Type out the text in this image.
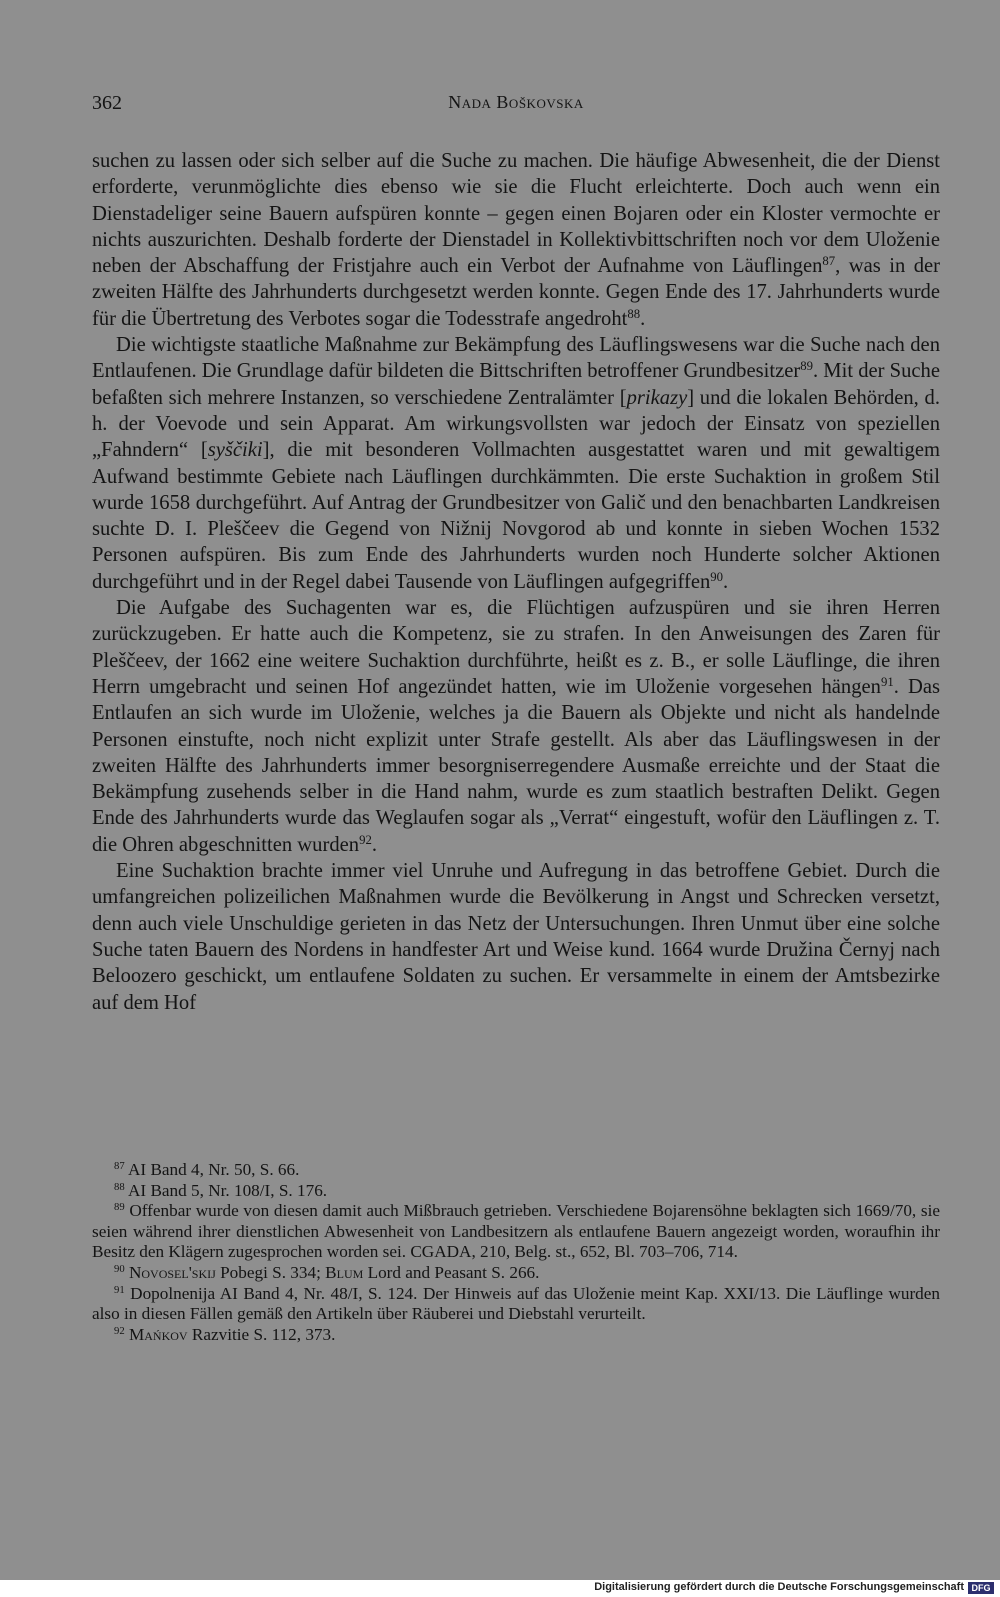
362	Nada Boškovska

suchen zu lassen oder sich selber auf die Suche zu machen. Die häufige Abwesenheit, die der Dienst erforderte, verunmöglichte dies ebenso wie sie die Flucht erleichterte. Doch auch wenn ein Dienstadeliger seine Bauern aufspüren konnte – gegen einen Bojaren oder ein Kloster vermochte er nichts auszurichten. Deshalb forderte der Dienstadel in Kollektivbittschriften noch vor dem Uloženie neben der Abschaffung der Fristjahre auch ein Verbot der Aufnahme von Läuflingen$^{87}$, was in der zweiten Hälfte des Jahrhunderts durchgesetzt werden konnte. Gegen Ende des 17. Jahrhunderts wurde für die Übertretung des Verbotes sogar die Todesstrafe angedroht$^{88}$.

Die wichtigste staatliche Maßnahme zur Bekämpfung des Läuflingswesens war die Suche nach den Entlaufenen. Die Grundlage dafür bildeten die Bittschriften betroffener Grundbesitzer$^{89}$. Mit der Suche befaßten sich mehrere Instanzen, so verschiedene Zentralämter [prikazy] und die lokalen Behörden, d. h. der Voevode und sein Apparat. Am wirkungsvollsten war jedoch der Einsatz von speziellen „Fahndern“ [syščiki], die mit besonderen Vollmachten ausgestattet waren und mit gewaltigem Aufwand bestimmte Gebiete nach Läuflingen durchkämmten. Die erste Suchaktion in großem Stil wurde 1658 durchgeführt. Auf Antrag der Grundbesitzer von Galič und den benachbarten Landkreisen suchte D. I. Pleščeev die Gegend von Nižnij Novgorod ab und konnte in sieben Wochen 1532 Personen aufspüren. Bis zum Ende des Jahrhunderts wurden noch Hunderte solcher Aktionen durchgeführt und in der Regel dabei Tausende von Läuflingen aufgegriffen$^{90}$.

Die Aufgabe des Suchagenten war es, die Flüchtigen aufzuspüren und sie ihren Herren zurückzugeben. Er hatte auch die Kompetenz, sie zu strafen. In den Anweisungen des Zaren für Pleščeev, der 1662 eine weitere Suchaktion durchführte, heißt es z. B., er solle Läuflinge, die ihren Herrn umgebracht und seinen Hof angezündet hatten, wie im Uloženie vorgesehen hängen$^{91}$. Das Entlaufen an sich wurde im Uloženie, welches ja die Bauern als Objekte und nicht als handelnde Personen einstufte, noch nicht explizit unter Strafe gestellt. Als aber das Läuflingswesen in der zweiten Hälfte des Jahrhunderts immer besorgniserregendere Ausmaße erreichte und der Staat die Bekämpfung zusehends selber in die Hand nahm, wurde es zum staatlich bestraften Delikt. Gegen Ende des Jahrhunderts wurde das Weglaufen sogar als „Verrat“ eingestuft, wofür den Läuflingen z. T. die Ohren abgeschnitten wurden$^{92}$.

Eine Suchaktion brachte immer viel Unruhe und Aufregung in das betroffene Gebiet. Durch die umfangreichen polizeilichen Maßnahmen wurde die Bevölkerung in Angst und Schrecken versetzt, denn auch viele Unschuldige gerieten in das Netz der Untersuchungen. Ihren Unmut über eine solche Suche taten Bauern des Nordens in handfester Art und Weise kund. 1664 wurde Družina Černyj nach Beloozero geschickt, um entlaufene Soldaten zu suchen. Er versammelte in einem der Amtsbezirke auf dem Hof

$^{87}$ AI Band 4, Nr. 50, S. 66.

$^{88}$ AI Band 5, Nr. 108/I, S. 176.

$^{89}$ Offenbar wurde von diesen damit auch Mißbrauch getrieben. Verschiedene Bojarensöhne beklagten sich 1669/70, sie seien während ihrer dienstlichen Abwesenheit von Landbesitzern als entlaufene Bauern angezeigt worden, woraufhin ihr Besitz den Klägern zugesprochen worden sei. CGADA, 210, Belg. st., 652, Bl. 703–706, 714.

$^{90}$ Novosel'skij Pobegi S. 334; Blum Lord and Peasant S. 266.

$^{91}$ Dopolnenija AI Band 4, Nr. 48/I, S. 124. Der Hinweis auf das Uloženie meint Kap. XXI/13. Die Läuflinge wurden also in diesen Fällen gemäß den Artikeln über Räuberei und Diebstahl verurteilt.

$^{92}$ Mańkov Razvitie S. 112, 373.

Digitalisierung gefördert durch die Deutsche Forschungsgemeinschaft DFG
